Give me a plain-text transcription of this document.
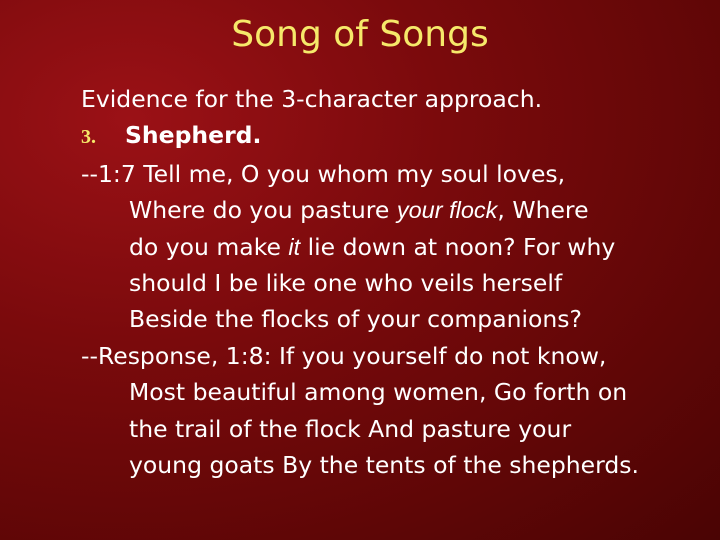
Song of Songs
Evidence for the 3-character approach.
3. Shepherd.
--1:7 Tell me, O you whom my soul loves,
Where do you pasture your flock, Where
do you make it lie down at noon? For why
should I be like one who veils herself
Beside the flocks of your companions?
--Response, 1:8: If you yourself do not know,
Most beautiful among women, Go forth on
the trail of the flock And pasture your
young goats By the tents of the shepherds.
